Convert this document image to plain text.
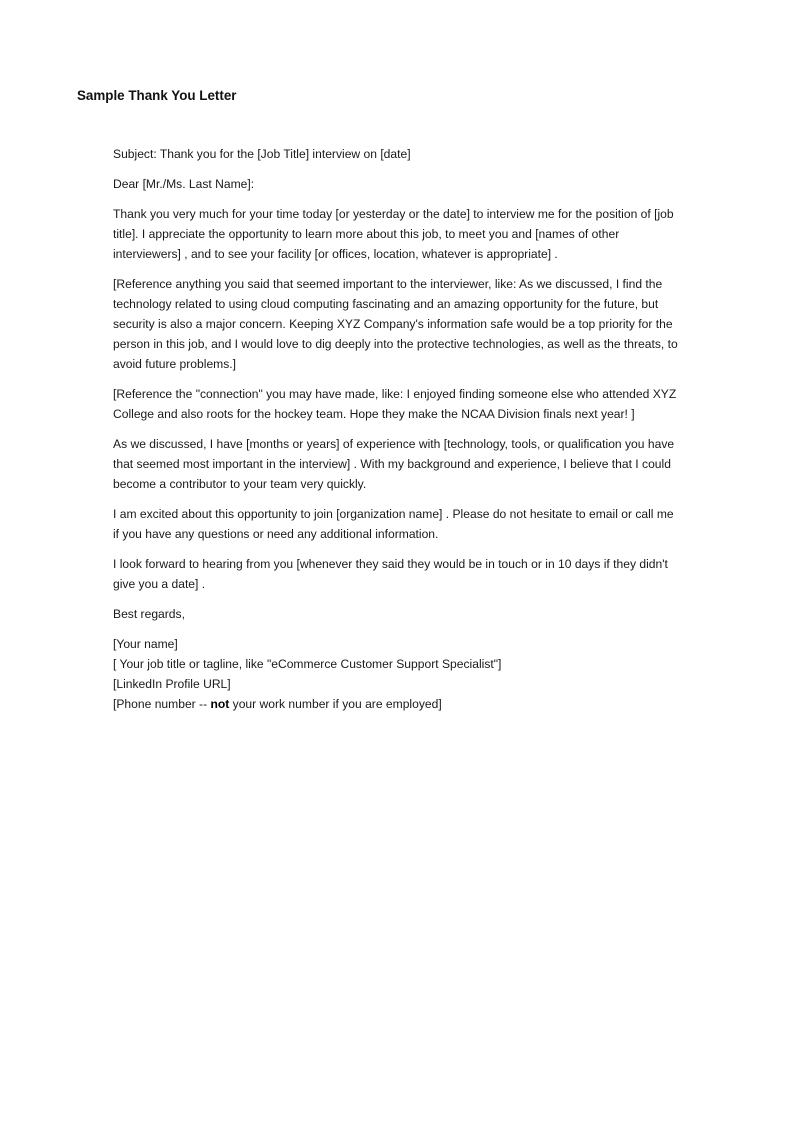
Sample Thank You Letter

Subject: Thank you for the [Job Title] interview on [date]

Dear [Mr./Ms. Last Name]:

Thank you very much for your time today [or yesterday or the date] to interview me for the position of [job title]. I appreciate the opportunity to learn more about this job, to meet you and [names of other interviewers] , and to see your facility [or offices, location, whatever is appropriate] .

[Reference anything you said that seemed important to the interviewer, like: As we discussed, I find the technology related to using cloud computing fascinating and an amazing opportunity for the future, but security is also a major concern. Keeping XYZ Company's information safe would be a top priority for the person in this job, and I would love to dig deeply into the protective technologies, as well as the threats, to avoid future problems.]

[Reference the "connection" you may have made, like: I enjoyed finding someone else who attended XYZ College and also roots for the hockey team. Hope they make the NCAA Division finals next year! ]

As we discussed, I have [months or years] of experience with [technology, tools, or qualification you have that seemed most important in the interview] . With my background and experience, I believe that I could become a contributor to your team very quickly.

I am excited about this opportunity to join [organization name] . Please do not hesitate to email or call me if you have any questions or need any additional information.

I look forward to hearing from you [whenever they said they would be in touch or in 10 days if they didn't give you a date] .

Best regards,

[Your name]
[ Your job title or tagline, like "eCommerce Customer Support Specialist"]
[LinkedIn Profile URL]
[Phone number -- not your work number if you are employed]
